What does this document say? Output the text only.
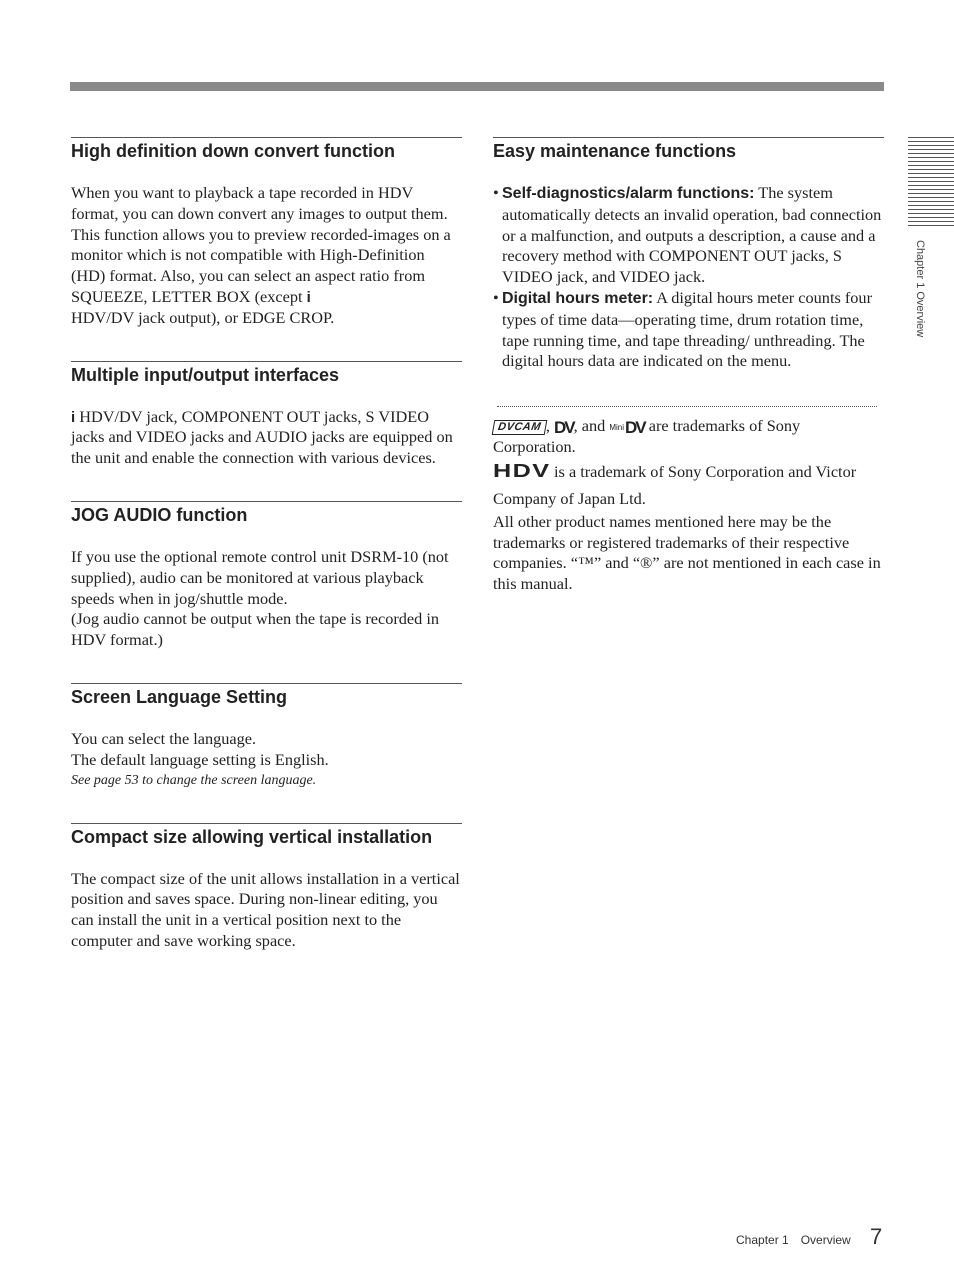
High definition down convert function

When you want to playback a tape recorded in HDV format, you can down convert any images to output them. This function allows you to preview recorded-images on a monitor which is not compatible with High-Definition (HD) format. Also, you can select an aspect ratio from SQUEEZE, LETTER BOX (except i
HDV/DV jack output), or EDGE CROP.

Multiple input/output interfaces

i HDV/DV jack, COMPONENT OUT jacks, S VIDEO jacks and VIDEO jacks and AUDIO jacks are equipped on the unit and enable the connection with various devices.

JOG AUDIO function

If you use the optional remote control unit DSRM-10 (not supplied), audio can be monitored at various playback speeds when in jog/shuttle mode.

(Jog audio cannot be output when the tape is recorded in HDV format.)

Screen Language Setting

You can select the language.

The default language setting is English.

See page 53 to change the screen language.

Compact size allowing vertical installation

The compact size of the unit allows installation in a vertical position and saves space. During non-linear editing, you can install the unit in a vertical position next to the computer and save working space.

Easy maintenance functions

• Self-diagnostics/alarm functions: The system automatically detects an invalid operation, bad connection or a malfunction, and outputs a description, a cause and a recovery method with COMPONENT OUT jacks, S VIDEO jack, and VIDEO jack.

• Digital hours meter: A digital hours meter counts four types of time data—operating time, drum rotation time, tape running time, and tape threading/ unthreading. The digital hours data are indicated on the menu.

DVCAM , DV, and $^{Mini}$DV are trademarks of Sony Corporation.

HDV is a trademark of Sony Corporation and Victor Company of Japan Ltd.

All other product names mentioned here may be the trademarks or registered trademarks of their respective companies. “™” and “®” are not mentioned in each case in this manual.

Chapter 1 Overview
Chapter 1 Overview 7
